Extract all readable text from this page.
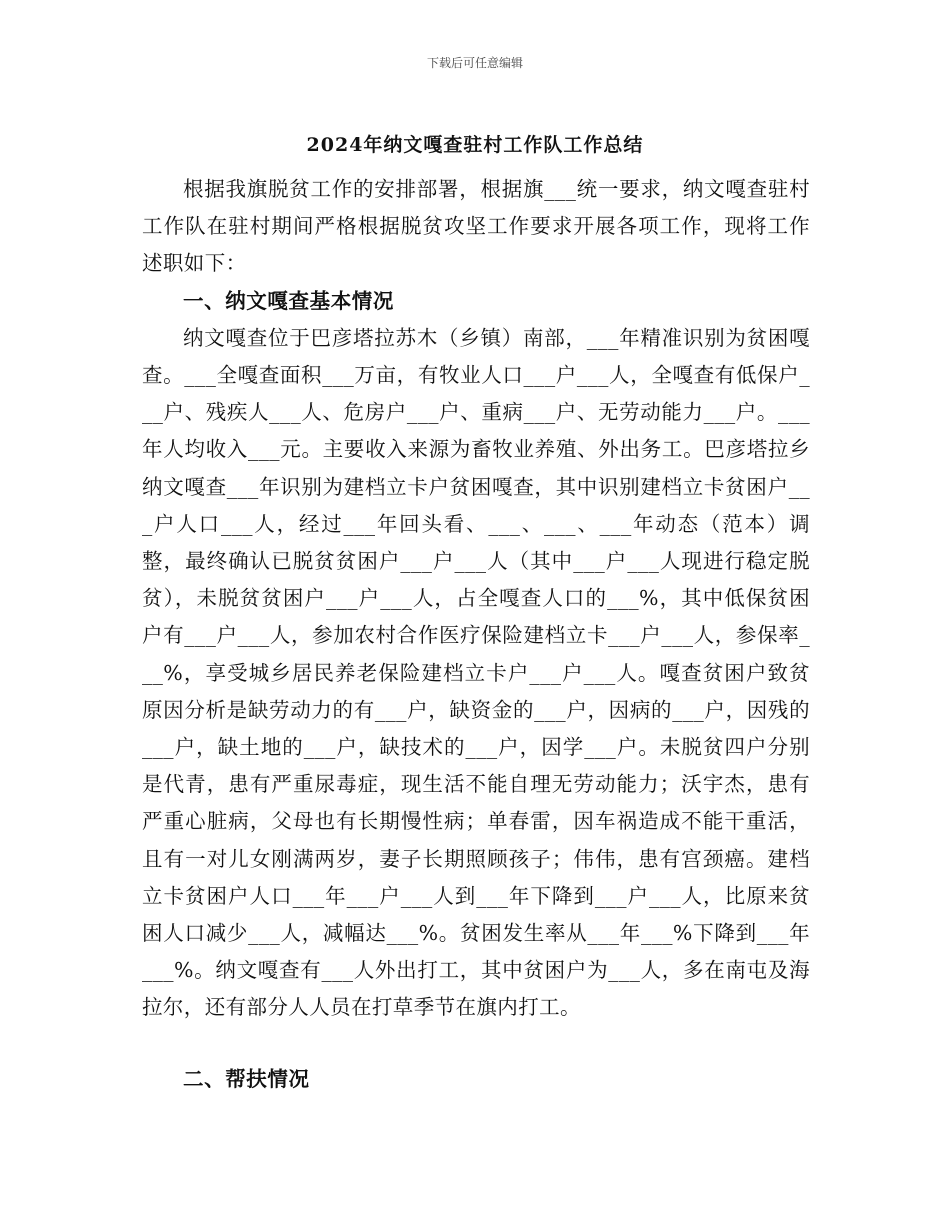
下载后可任意编辑
2024年纳文嘎查驻村工作队工作总结

根据我旗脱贫工作的安排部署，根据旗___统一要求，纳文嘎查驻村工作队在驻村期间严格根据脱贫攻坚工作要求开展各项工作，现将工作述职如下：

一、纳文嘎查基本情况

纳文嘎查位于巴彦塔拉苏木（乡镇）南部，___年精准识别为贫困嘎查。___全嘎查面积___万亩，有牧业人口___户___人，全嘎查有低保户___户、残疾人___人、危房户___户、重病___户、无劳动能力___户。___年人均收入___元。主要收入来源为畜牧业养殖、外出务工。巴彦塔拉乡纳文嘎查___年识别为建档立卡户贫困嘎查，其中识别建档立卡贫困户___户人口___人，经过___年回头看、___、___、___年动态（范本）调整，最终确认已脱贫贫困户___户___人（其中___户___人现进行稳定脱贫），未脱贫贫困户___户___人，占全嘎查人口的___%，其中低保贫困户有___户___人，参加农村合作医疗保险建档立卡___户___人，参保率___%，享受城乡居民养老保险建档立卡户___户___人。嘎查贫困户致贫原因分析是缺劳动力的有___户，缺资金的___户，因病的___户，因残的___户，缺土地的___户，缺技术的___户，因学___户。未脱贫四户分别是代青，患有严重尿毒症，现生活不能自理无劳动能力；沃宇杰，患有严重心脏病，父母也有长期慢性病；单春雷，因车祸造成不能干重活，且有一对儿女刚满两岁，妻子长期照顾孩子；伟伟，患有宫颈癌。建档立卡贫困户人口___年___户___人到___年下降到___户___人，比原来贫困人口减少___人，减幅达___%。贫困发生率从___年___%下降到___年___%。纳文嘎查有___人外出打工，其中贫困户为___人，多在南屯及海拉尔，还有部分人人员在打草季节在旗内打工。

二、帮扶情况
